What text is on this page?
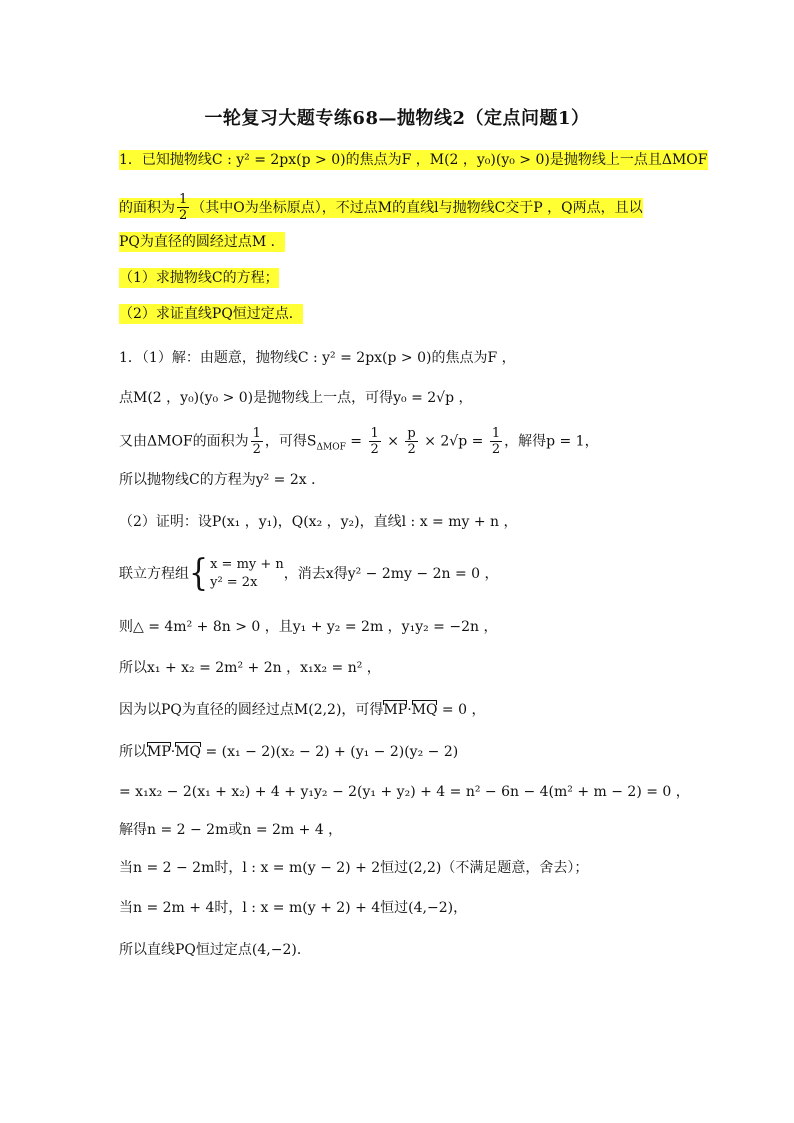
一轮复习大题专练68—抛物线2（定点问题1）
1．已知抛物线C : y² = 2px(p > 0)的焦点为F ，M(2 ，y₀)(y₀ > 0)是抛物线上一点且ΔMOF
的面积为 $\frac{1}{2}$ （其中O为坐标原点），不过点M的直线l与抛物线C交于P ，Q两点，且以
PQ为直径的圆经过点M ．
（1）求抛物线C的方程；
（2）求证直线PQ恒过定点．
1．（1）解：由题意，抛物线C : y² = 2px(p > 0)的焦点为F ，
点M(2 ，y₀)(y₀ > 0)是抛物线上一点，可得y₀ = 2√p ，
又由ΔMOF的面积为 $\frac{1}{2}$ ，可得$S_{\Delta MOF} = \frac{1}{2} \times \frac{p}{2} \times 2√p = \frac{1}{2}$ ，解得p = 1，
所以抛物线C的方程为y² = 2x ．
（2）证明：设P(x₁ ，y₁)，Q(x₂ ，y₂)，直线l : x = my + n ，
联立方程组{ x = my + n
y² = 2x
，消去x得y² − 2my − 2n = 0 ，
则△ = 4m² + 8n > 0 ，且y₁ + y₂ = 2m ，y₁y₂ = −2n ，
所以x₁ + x₂ = 2m² + 2n ，x₁x₂ = n² ，
因为以PQ为直径的圆经过点M(2,2)，可得MP·MQ = 0 ，
所以MP·MQ = (x₁ − 2)(x₂ − 2) + (y₁ − 2)(y₂ − 2)
= x₁x₂ − 2(x₁ + x₂) + 4 + y₁y₂ − 2(y₁ + y₂) + 4 = n² − 6n − 4(m² + m − 2) = 0 ，
解得n = 2 − 2m或n = 2m + 4 ，
当n = 2 − 2m时，l : x = m(y − 2) + 2恒过(2,2)（不满足题意，舍去）；
当n = 2m + 4时，l : x = m(y + 2) + 4恒过(4,−2)，
所以直线PQ恒过定点(4,−2)．
